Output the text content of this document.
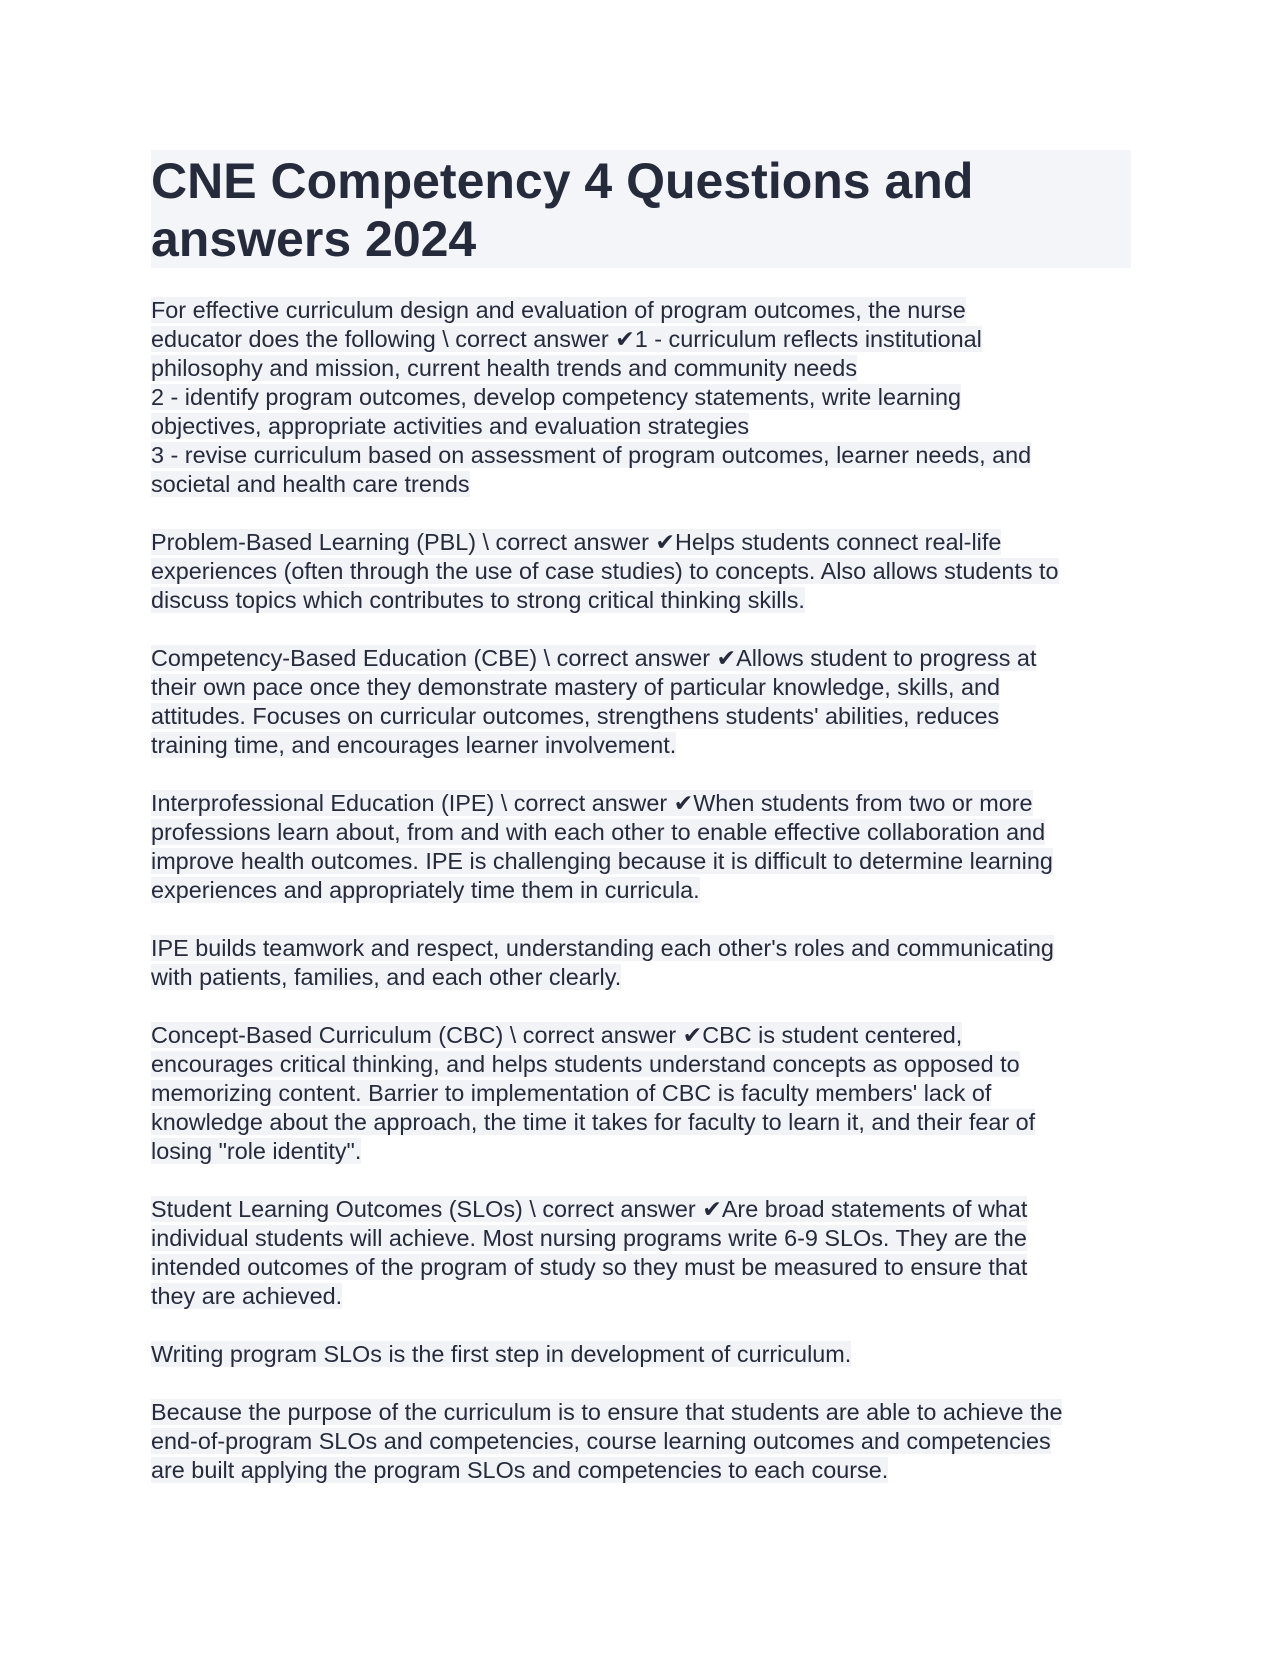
CNE Competency 4 Questions and answers 2024

For effective curriculum design and evaluation of program outcomes, the nurse
educator does the following \ correct answer ✔1 - curriculum reflects institutional
philosophy and mission, current health trends and community needs
2 - identify program outcomes, develop competency statements, write learning
objectives, appropriate activities and evaluation strategies
3 - revise curriculum based on assessment of program outcomes, learner needs, and
societal and health care trends

Problem-Based Learning (PBL) \ correct answer ✔Helps students connect real-life
experiences (often through the use of case studies) to concepts. Also allows students to
discuss topics which contributes to strong critical thinking skills.

Competency-Based Education (CBE) \ correct answer ✔Allows student to progress at
their own pace once they demonstrate mastery of particular knowledge, skills, and
attitudes. Focuses on curricular outcomes, strengthens students' abilities, reduces
training time, and encourages learner involvement.

Interprofessional Education (IPE) \ correct answer ✔When students from two or more
professions learn about, from and with each other to enable effective collaboration and
improve health outcomes. IPE is challenging because it is difficult to determine learning
experiences and appropriately time them in curricula.

IPE builds teamwork and respect, understanding each other's roles and communicating
with patients, families, and each other clearly.

Concept-Based Curriculum (CBC) \ correct answer ✔CBC is student centered,
encourages critical thinking, and helps students understand concepts as opposed to
memorizing content. Barrier to implementation of CBC is faculty members' lack of
knowledge about the approach, the time it takes for faculty to learn it, and their fear of
losing "role identity".

Student Learning Outcomes (SLOs) \ correct answer ✔Are broad statements of what
individual students will achieve. Most nursing programs write 6-9 SLOs. They are the
intended outcomes of the program of study so they must be measured to ensure that
they are achieved.

Writing program SLOs is the first step in development of curriculum.

Because the purpose of the curriculum is to ensure that students are able to achieve the
end-of-program SLOs and competencies, course learning outcomes and competencies
are built applying the program SLOs and competencies to each course.
